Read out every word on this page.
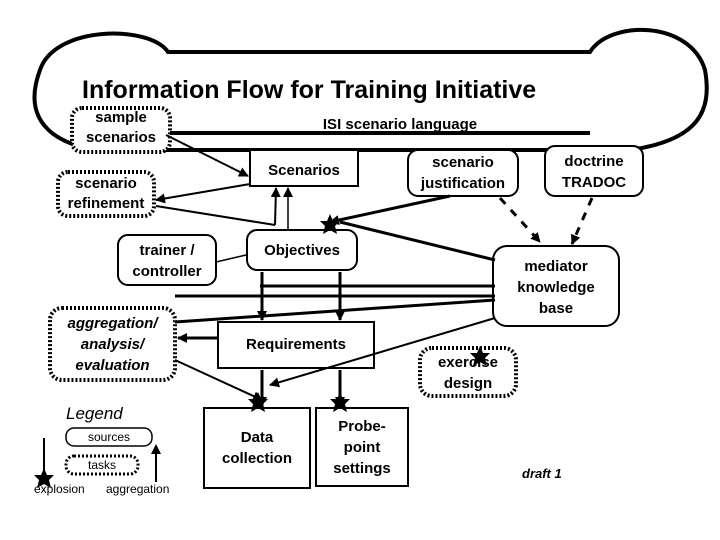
Information Flow for Training Initiative
ISI scenario language
sample
scenarios
Scenarios	scenario
justification
doctrine
TRADOC
scenario
refinement
trainer /
controller
Objectives
mediator
knowledge
base
aggregation/
analysis/
evaluation
Requirements
exercise
design
Data
collection
Probe-
point
settings
Legend
sources
tasks
explosion aggregation
draft 1
